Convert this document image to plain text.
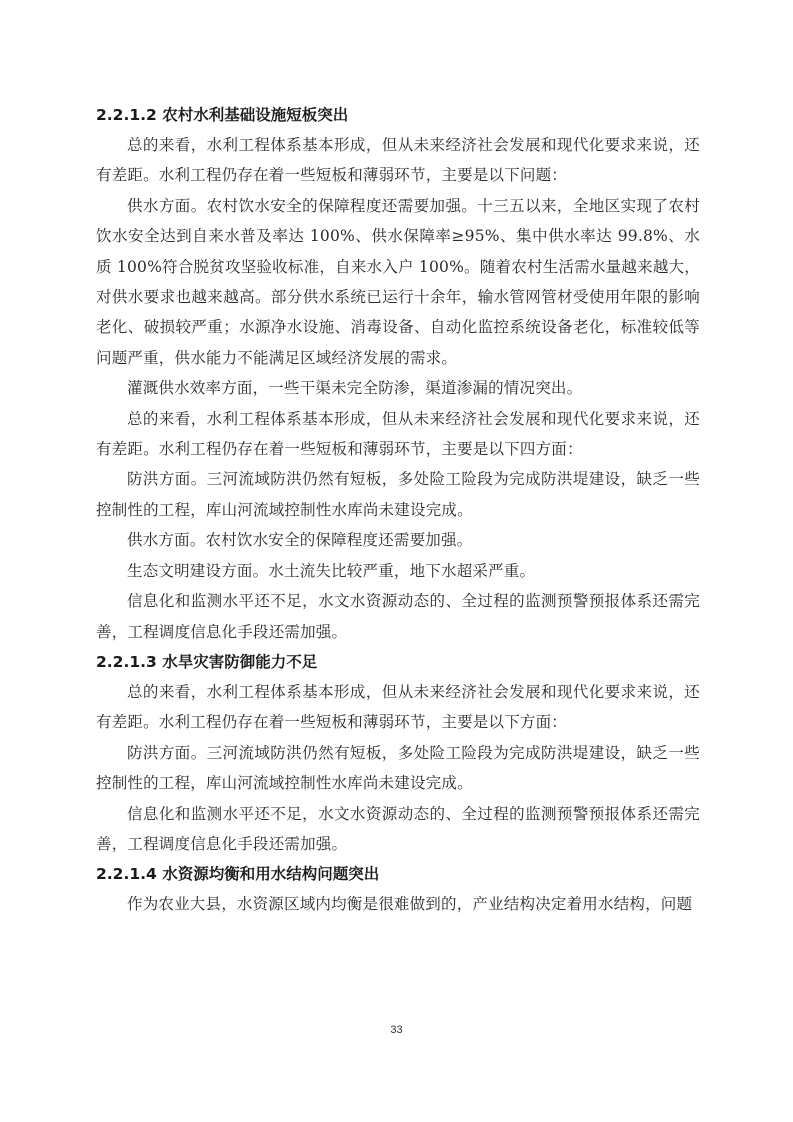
2.2.1.2 农村水利基础设施短板突出

总的来看，水利工程体系基本形成，但从未来经济社会发展和现代化要求来说，还有差距。水利工程仍存在着一些短板和薄弱环节，主要是以下问题：

供水方面。农村饮水安全的保障程度还需要加强。十三五以来，全地区实现了农村饮水安全达到自来水普及率达 100%、供水保障率≥95%、集中供水率达 99.8%、水质 100%符合脱贫攻坚验收标准，自来水入户 100%。随着农村生活需水量越来越大，对供水要求也越来越高。部分供水系统已运行十余年，输水管网管材受使用年限的影响老化、破损较严重；水源净水设施、消毒设备、自动化监控系统设备老化，标准较低等问题严重，供水能力不能满足区域经济发展的需求。

灌溉供水效率方面，一些干渠未完全防渗，渠道渗漏的情况突出。

总的来看，水利工程体系基本形成，但从未来经济社会发展和现代化要求来说，还有差距。水利工程仍存在着一些短板和薄弱环节，主要是以下四方面：

防洪方面。三河流域防洪仍然有短板，多处险工险段为完成防洪堤建设，缺乏一些控制性的工程，库山河流域控制性水库尚未建设完成。

供水方面。农村饮水安全的保障程度还需要加强。

生态文明建设方面。水土流失比较严重，地下水超采严重。

信息化和监测水平还不足，水文水资源动态的、全过程的监测预警预报体系还需完善，工程调度信息化手段还需加强。

2.2.1.3 水旱灾害防御能力不足

总的来看，水利工程体系基本形成，但从未来经济社会发展和现代化要求来说，还有差距。水利工程仍存在着一些短板和薄弱环节，主要是以下方面：

防洪方面。三河流域防洪仍然有短板，多处险工险段为完成防洪堤建设，缺乏一些控制性的工程，库山河流域控制性水库尚未建设完成。

信息化和监测水平还不足，水文水资源动态的、全过程的监测预警预报体系还需完善，工程调度信息化手段还需加强。

2.2.1.4 水资源均衡和用水结构问题突出

作为农业大县，水资源区域内均衡是很难做到的，产业结构决定着用水结构，问题

33
